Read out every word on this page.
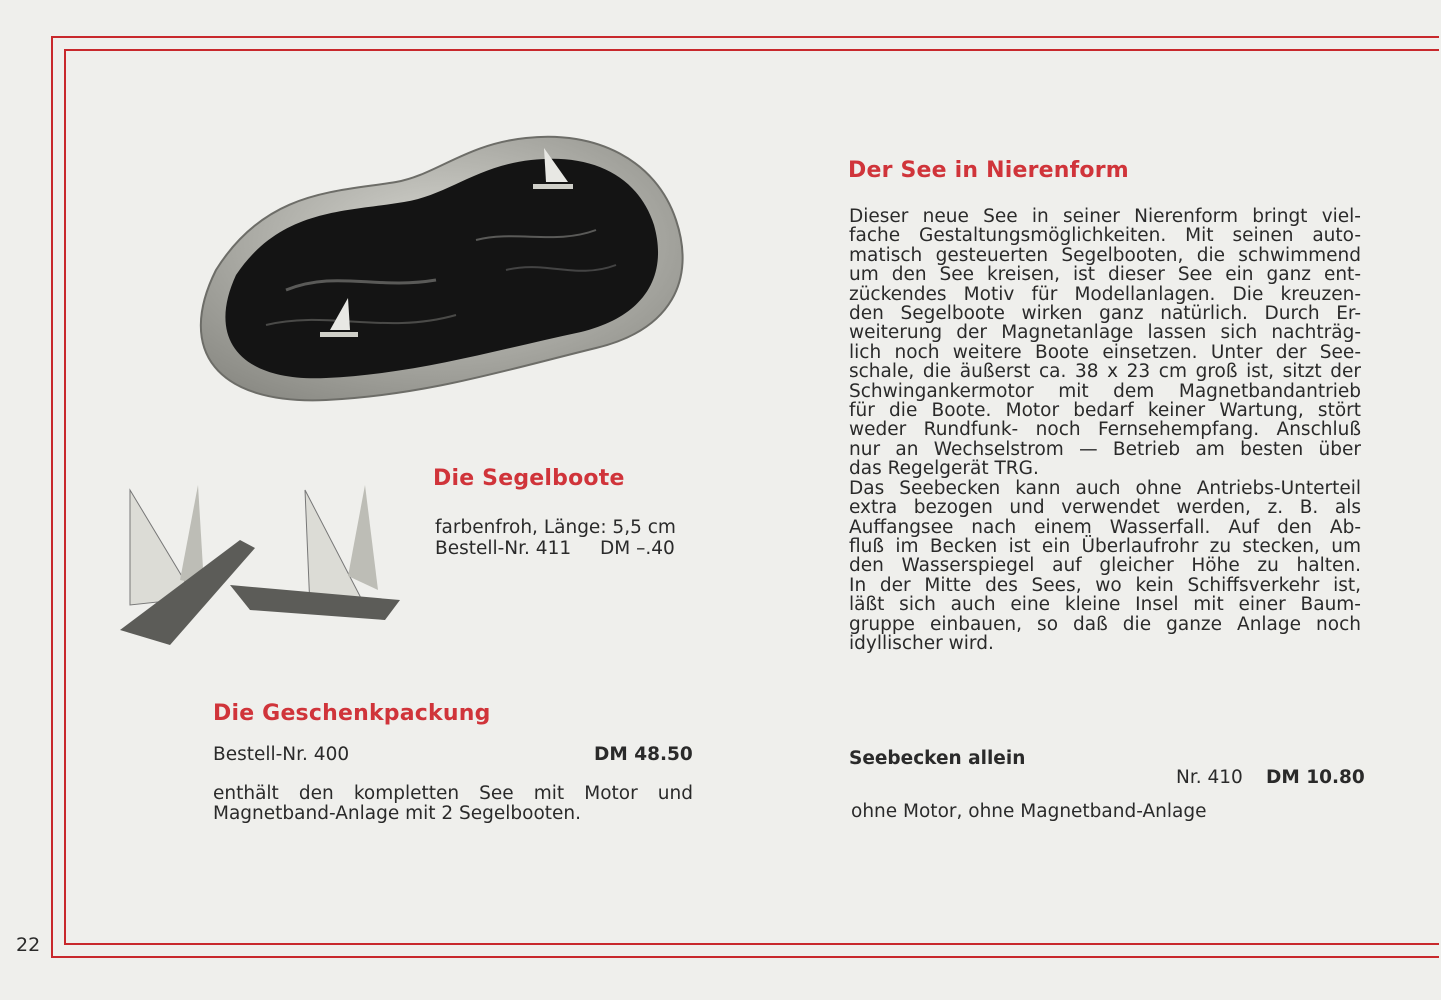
22
Die Segelboote

farbenfroh, Länge: 5,5 cm

Bestell-Nr. 411 DM –.40

Die Geschenkpackung

Bestell-Nr. 400	DM 48.50

enthält den kompletten See mit Motor und

Magnetband-Anlage mit 2 Segelbooten.

Der See in Nierenform
Dieser neue See in seiner Nierenform bringt viel-
fache Gestaltungsmöglichkeiten. Mit seinen auto-
matisch gesteuerten Segelbooten, die schwimmend
um den See kreisen, ist dieser See ein ganz ent-
zückendes Motiv für Modellanlagen. Die kreuzen-
den Segelboote wirken ganz natürlich. Durch Er-
weiterung der Magnetanlage lassen sich nachträg-
lich noch weitere Boote einsetzen. Unter der See-
schale, die äußerst ca. 38 x 23 cm groß ist, sitzt der
Schwingankermotor mit dem Magnetbandantrieb
für die Boote. Motor bedarf keiner Wartung, stört
weder Rundfunk- noch Fernsehempfang. Anschluß
nur an Wechselstrom — Betrieb am besten über
das Regelgerät TRG.
Das Seebecken kann auch ohne Antriebs-Unterteil
extra bezogen und verwendet werden, z. B. als
Auffangsee nach einem Wasserfall. Auf den Ab-
fluß im Becken ist ein Überlaufrohr zu stecken, um
den Wasserspiegel auf gleicher Höhe zu halten.
In der Mitte des Sees, wo kein Schiffsverkehr ist,
läßt sich auch eine kleine Insel mit einer Baum-
gruppe einbauen, so daß die ganze Anlage noch
idyllischer wird.

Seebecken allein

Nr. 410 DM 10.80

ohne Motor, ohne Magnetband-Anlage
